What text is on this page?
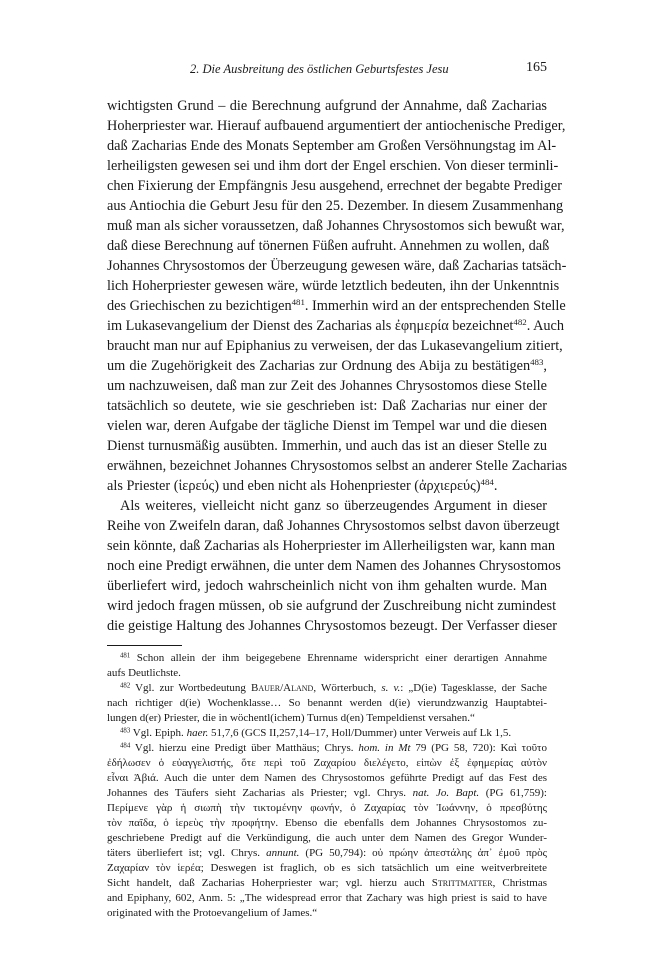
2. Die Ausbreitung des östlichen Geburtsfestes Jesu	165
wichtigsten Grund – die Berechnung aufgrund der Annahme, daß Zacharias
Hoherpriester war. Hierauf aufbauend argumentiert der antiochenische Prediger,
daß Zacharias Ende des Monats September am Großen Versöhnungstag im Al-
lerheiligsten gewesen sei und ihm dort der Engel erschien. Von dieser terminli-
chen Fixierung der Empfängnis Jesu ausgehend, errechnet der begabte Prediger
aus Antiochia die Geburt Jesu für den 25. Dezember. In diesem Zusammenhang
muß man als sicher voraussetzen, daß Johannes Chrysostomos sich bewußt war,
daß diese Berechnung auf tönernen Füßen aufruht. Annehmen zu wollen, daß
Johannes Chrysostomos der Überzeugung gewesen wäre, daß Zacharias tatsäch-
lich Hoherpriester gewesen wäre, würde letztlich bedeuten, ihn der Unkenntnis
des Griechischen zu bezichtigen$^{481}$. Immerhin wird an der entsprechenden Stelle
im Lukasevangelium der Dienst des Zacharias als ἐφημερία bezeichnet$^{482}$. Auch
braucht man nur auf Epiphanius zu verweisen, der das Lukasevangelium zitiert,
um die Zugehörigkeit des Zacharias zur Ordnung des Abija zu bestätigen$^{483}$,
um nachzuweisen, daß man zur Zeit des Johannes Chrysostomos diese Stelle
tatsächlich so deutete, wie sie geschrieben ist: Daß Zacharias nur einer der
vielen war, deren Aufgabe der tägliche Dienst im Tempel war und die diesen
Dienst turnusmäßig ausübten. Immerhin, und auch das ist an dieser Stelle zu
erwähnen, bezeichnet Johannes Chrysostomos selbst an anderer Stelle Zacharias
als Priester (ἱερεύς) und eben nicht als Hohenpriester (ἀρχιερεύς)$^{484}$.
Als weiteres, vielleicht nicht ganz so überzeugendes Argument in dieser
Reihe von Zweifeln daran, daß Johannes Chrysostomos selbst davon überzeugt
sein könnte, daß Zacharias als Hoherpriester im Allerheiligsten war, kann man
noch eine Predigt erwähnen, die unter dem Namen des Johannes Chrysostomos
überliefert wird, jedoch wahrscheinlich nicht von ihm gehalten wurde. Man
wird jedoch fragen müssen, ob sie aufgrund der Zuschreibung nicht zumindest
die geistige Haltung des Johannes Chrysostomos bezeugt. Der Verfasser dieser
$^{481}$ Schon allein der ihm beigegebene Ehrenname widerspricht einer derartigen Annahme
aufs Deutlichste.
$^{482}$ Vgl. zur Wortbedeutung Bauer/Aland, Wörterbuch, s. v.: „D(ie) Tagesklasse, der Sache
nach richtiger d(ie) Wochenklasse… So benannt werden d(ie) vierundzwanzig Hauptabtei-
lungen d(er) Priester, die in wöchentl(ichem) Turnus d(en) Tempeldienst versahen.“
$^{483}$ Vgl. Epiph. haer. 51,7,6 (GCS II,257,14–17, Holl/Dummer) unter Verweis auf Lk 1,5.
$^{484}$ Vgl. hierzu eine Predigt über Matthäus; Chrys. hom. in Mt 79 (PG 58, 720): Καὶ τοῦτο
ἐδήλωσεν ὁ εὐαγγελιστής, ὅτε περὶ τοῦ Ζαχαρίου διελέγετο, εἰπὼν ἐξ ἐφημερίας αὐτὸν
εἶναι Ἀβιά. Auch die unter dem Namen des Chrysostomos geführte Predigt auf das Fest des
Johannes des Täufers sieht Zacharias als Priester; vgl. Chrys. nat. Jo. Bapt. (PG 61,759):
Περίμενε γὰρ ἡ σιωπὴ τὴν τικτομένην φωνήν, ὁ Ζαχαρίας τὸν Ἰωάννην, ὁ πρεσβύτης
τὸν παῖδα, ὁ ἱερεὺς τὴν προφήτην. Ebenso die ebenfalls dem Johannes Chrysostomos zu-
geschriebene Predigt auf die Verkündigung, die auch unter dem Namen des Gregor Wunder-
täters überliefert ist; vgl. Chrys. annunt. (PG 50,794): οὐ πρώην ἀπεστάλης ἀπ᾽ ἐμοῦ πρὸς
Ζαχαρίαν τὸν ἱερέα; Deswegen ist fraglich, ob es sich tatsächlich um eine weitverbreitete
Sicht handelt, daß Zacharias Hoherpriester war; vgl. hierzu auch Strittmatter, Christmas
and Epiphany, 602, Anm. 5: „The widespread error that Zachary was high priest is said to have
originated with the Protoevangelium of James.“
